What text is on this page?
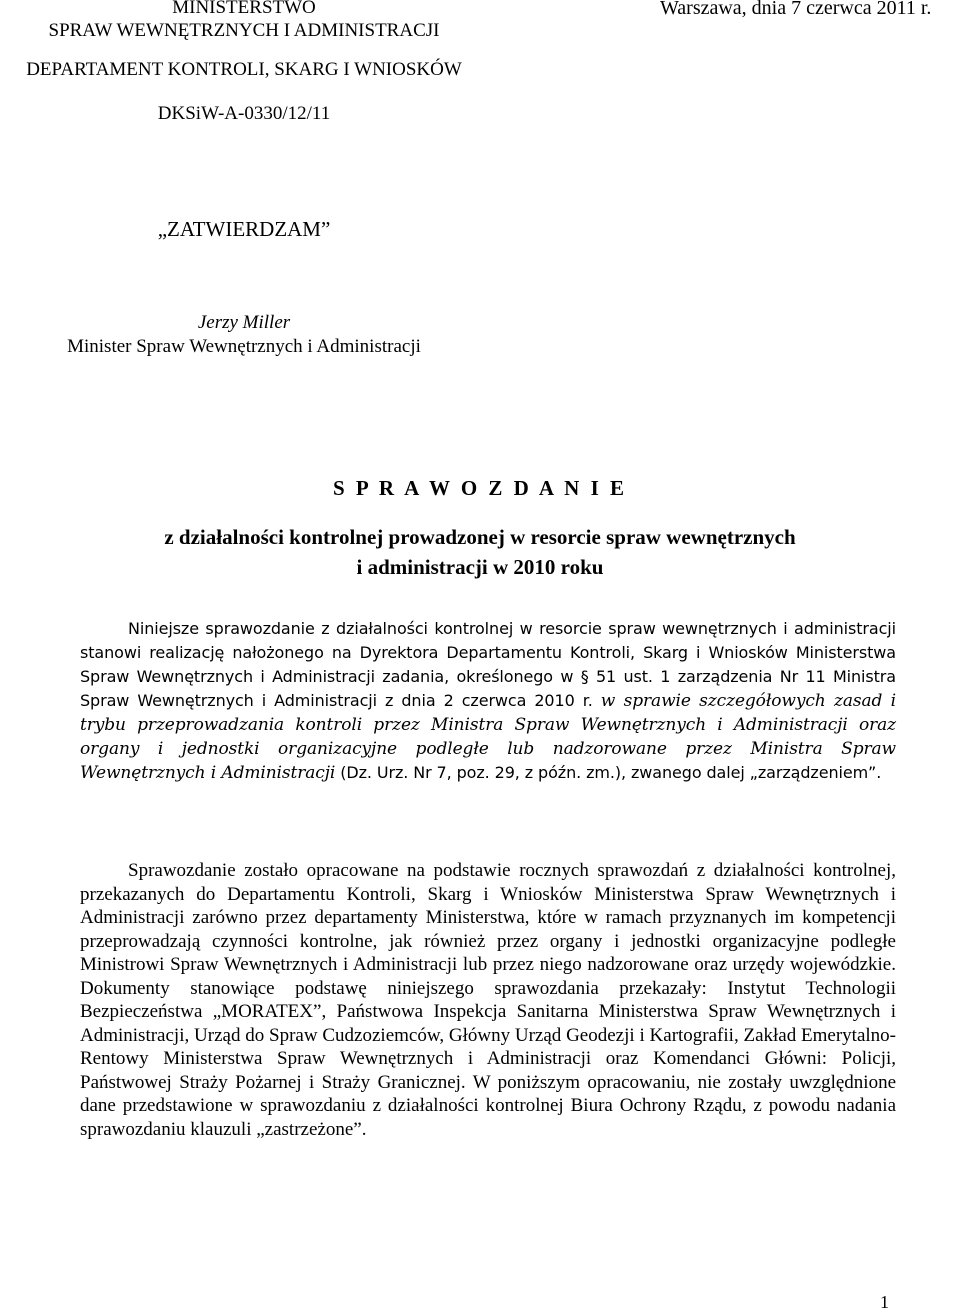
MINISTERSTWO
SPRAW WEWNĘTRZNYCH I ADMINISTRACJI
Warszawa, dnia 7 czerwca 2011 r.
DEPARTAMENT KONTROLI, SKARG I WNIOSKÓW
DKSiW-A-0330/12/11
„ZATWIERDZAM”
Jerzy Miller
Minister Spraw Wewnętrznych i Administracji
S P R A W O Z D A N I E
z działalności kontrolnej prowadzonej w resorcie spraw wewnętrznych
i administracji w 2010 roku
Niniejsze sprawozdanie z działalności kontrolnej w resorcie spraw wewnętrznych i administracji stanowi realizację nałożonego na Dyrektora Departamentu Kontroli, Skarg i Wniosków Ministerstwa Spraw Wewnętrznych i Administracji zadania, określonego w § 51 ust. 1 zarządzenia Nr 11 Ministra Spraw Wewnętrznych i Administracji z dnia 2 czerwca 2010 r. w sprawie szczegółowych zasad i trybu przeprowadzania kontroli przez Ministra Spraw Wewnętrznych i Administracji oraz organy i jednostki organizacyjne podległe lub nadzorowane przez Ministra Spraw Wewnętrznych i Administracji (Dz. Urz. Nr 7, poz. 29, z późn. zm.), zwanego dalej „zarządzeniem”.
Sprawozdanie zostało opracowane na podstawie rocznych sprawozdań z działalności kontrolnej, przekazanych do Departamentu Kontroli, Skarg i Wniosków Ministerstwa Spraw Wewnętrznych i Administracji zarówno przez departamenty Ministerstwa, które w ramach przyznanych im kompetencji przeprowadzają czynności kontrolne, jak również przez organy i jednostki organizacyjne podległe Ministrowi Spraw Wewnętrznych i Administracji lub przez niego nadzorowane oraz urzędy wojewódzkie. Dokumenty stanowiące podstawę niniejszego sprawozdania przekazały: Instytut Technologii Bezpieczeństwa „MORATEX”, Państwowa Inspekcja Sanitarna Ministerstwa Spraw Wewnętrznych i Administracji, Urząd do Spraw Cudzoziemców, Główny Urząd Geodezji i Kartografii, Zakład Emerytalno-Rentowy Ministerstwa Spraw Wewnętrznych i Administracji oraz Komendanci Główni: Policji, Państwowej Straży Pożarnej i Straży Granicznej. W poniższym opracowaniu, nie zostały uwzględnione dane przedstawione w sprawozdaniu z działalności kontrolnej Biura Ochrony Rządu, z powodu nadania sprawozdaniu klauzuli „zastrzeżone”.
1
